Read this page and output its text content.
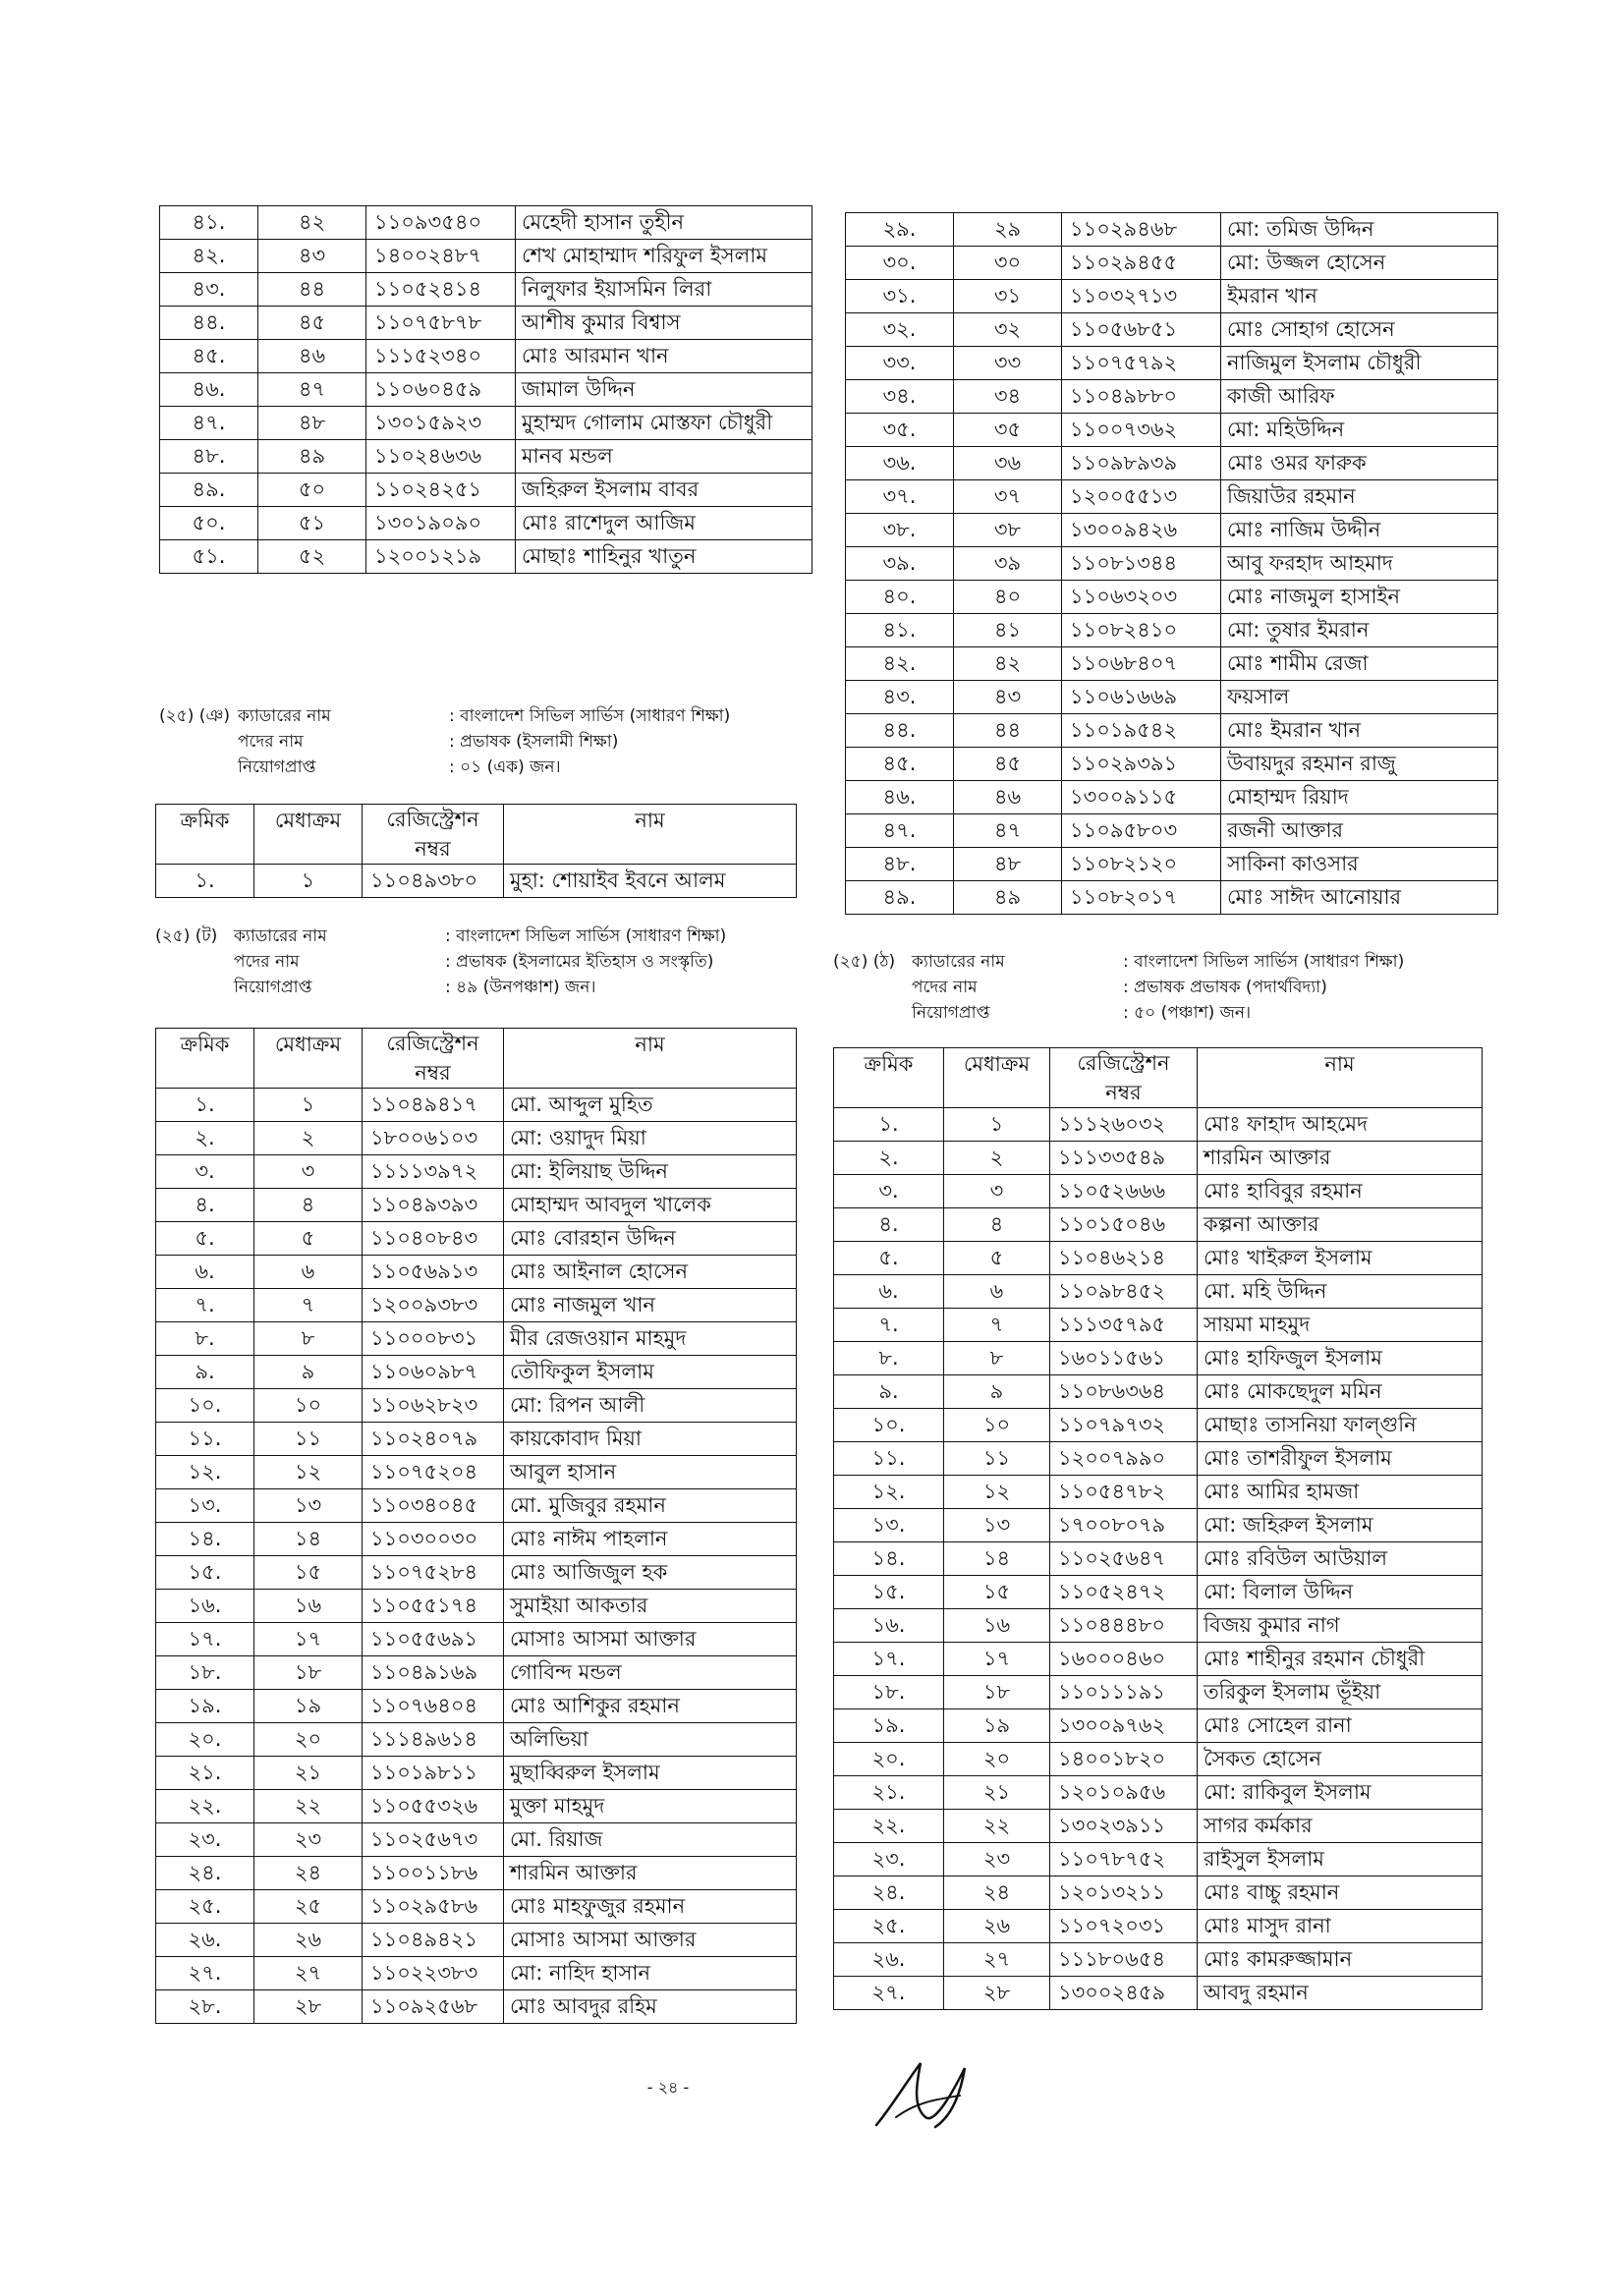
৪১.	৪২	১১০৯৩৫৪০	মেহেদী হাসান তুহীন
৪২.	৪৩	১৪০০২৪৮৭	শেখ মোহাম্মাদ শরিফুল ইসলাম
৪৩.	৪৪	১১০৫২৪১৪	নিলুফার ইয়াসমিন লিরা
৪৪.	৪৫	১১০৭৫৮৭৮	আশীষ কুমার বিশ্বাস
৪৫.	৪৬	১১১৫২৩৪০	মোঃ আরমান খান
৪৬.	৪৭	১১০৬০৪৫৯	জামাল উদ্দিন
৪৭.	৪৮	১৩০১৫৯২৩	মুহাম্মদ গোলাম মোস্তফা চৌধুরী
৪৮.	৪৯	১১০২৪৬৩৬	মানব মন্ডল
৪৯.	৫০	১১০২৪২৫১	জহিরুল ইসলাম বাবর
৫০.	৫১	১৩০১৯০৯০	মোঃ রাশেদুল আজিম
৫১.	৫২	১২০০১২১৯	মোছাঃ শাহিনুর খাতুন
(২৫) (ঞ) ক্যাডারের নাম	: বাংলাদেশ সিভিল সার্ভিস (সাধারণ শিক্ষা)
পদের নাম	: প্রভাষক (ইসলামী শিক্ষা)
নিয়োগপ্রাপ্ত	: ০১ (এক) জন।
ক্রমিক	মেধাক্রম	রেজিস্ট্রেশন নম্বর	নাম
১.	১	১১০৪৯৩৮০	মুহা: শোয়াইব ইবনে আলম
(২৫) (ট) ক্যাডারের নাম	: বাংলাদেশ সিভিল সার্ভিস (সাধারণ শিক্ষা)
পদের নাম	: প্রভাষক (ইসলামের ইতিহাস ও সংস্কৃতি)
নিয়োগপ্রাপ্ত	: ৪৯ (উনপঞ্চাশ) জন।
ক্রমিক	মেধাক্রম	রেজিস্ট্রেশন নম্বর	নাম
১.	১	১১০৪৯৪১৭	মো. আব্দুল মুহিত
২.	২	১৮০০৬১০৩	মো: ওয়াদুদ মিয়া
৩.	৩	১১১১৩৯৭২	মো: ইলিয়াছ উদ্দিন
৪.	৪	১১০৪৯৩৯৩	মোহাম্মদ আবদুল খালেক
৫.	৫	১১০৪০৮৪৩	মোঃ বোরহান উদ্দিন
৬.	৬	১১০৫৬৯১৩	মোঃ আইনাল হোসেন
৭.	৭	১২০০৯৩৮৩	মোঃ নাজমুল খান
৮.	৮	১১০০০৮৩১	মীর রেজওয়ান মাহমুদ
৯.	৯	১১০৬০৯৮৭	তৌফিকুল ইসলাম
১০.	১০	১১০৬২৮২৩	মো: রিপন আলী
১১.	১১	১১০২৪০৭৯	কায়কোবাদ মিয়া
১২.	১২	১১০৭৫২০৪	আবুল হাসান
১৩.	১৩	১১০৩৪০৪৫	মো. মুজিবুর রহমান
১৪.	১৪	১১০৩০০৩০	মোঃ নাঈম পাহলান
১৫.	১৫	১১০৭৫২৮৪	মোঃ আজিজুল হক
১৬.	১৬	১১০৫৫১৭৪	সুমাইয়া আকতার
১৭.	১৭	১১০৫৫৬৯১	মোসাঃ আসমা আক্তার
১৮.	১৮	১১০৪৯১৬৯	গোবিন্দ মন্ডল
১৯.	১৯	১১০৭৬৪০৪	মোঃ আশিকুর রহমান
২০.	২০	১১১৪৯৬১৪	অলিভিয়া
২১.	২১	১১০১৯৮১১	মুছাব্বিরুল ইসলাম
২২.	২২	১১০৫৫৩২৬	মুক্তা মাহমুদ
২৩.	২৩	১১০২৫৬৭৩	মো. রিয়াজ
২৪.	২৪	১১০০১১৮৬	শারমিন আক্তার
২৫.	২৫	১১০২৯৫৮৬	মোঃ মাহফুজুর রহমান
২৬.	২৬	১১০৪৯৪২১	মোসাঃ আসমা আক্তার
২৭.	২৭	১১০২২৩৮৩	মো: নাহিদ হাসান
২৮.	২৮	১১০৯২৫৬৮	মোঃ আবদুর রহিম
২৯.	২৯	১১০২৯৪৬৮	মো: তমিজ উদ্দিন
৩০.	৩০	১১০২৯৪৫৫	মো: উজ্জল হোসেন
৩১.	৩১	১১০৩২৭১৩	ইমরান খান
৩২.	৩২	১১০৫৬৮৫১	মোঃ সোহাগ হোসেন
৩৩.	৩৩	১১০৭৫৭৯২	নাজিমুল ইসলাম চৌধুরী
৩৪.	৩৪	১১০৪৯৮৮০	কাজী আরিফ
৩৫.	৩৫	১১০০৭৩৬২	মো: মহিউদ্দিন
৩৬.	৩৬	১১০৯৮৯৩৯	মোঃ ওমর ফারুক
৩৭.	৩৭	১২০০৫৫১৩	জিয়াউর রহমান
৩৮.	৩৮	১৩০০৯৪২৬	মোঃ নাজিম উদ্দীন
৩৯.	৩৯	১১০৮১৩৪৪	আবু ফরহাদ আহমাদ
৪০.	৪০	১১০৬৩২০৩	মোঃ নাজমুল হাসাইন
৪১.	৪১	১১০৮২৪১০	মো: তুষার ইমরান
৪২.	৪২	১১০৬৮৪০৭	মোঃ শামীম রেজা
৪৩.	৪৩	১১০৬১৬৬৯	ফয়সাল
৪৪.	৪৪	১১০১৯৫৪২	মোঃ ইমরান খান
৪৫.	৪৫	১১০২৯৩৯১	উবায়দুর রহমান রাজু
৪৬.	৪৬	১৩০০৯১১৫	মোহাম্মদ রিয়াদ
৪৭.	৪৭	১১০৯৫৮০৩	রজনী আক্তার
৪৮.	৪৮	১১০৮২১২০	সাকিনা কাওসার
৪৯.	৪৯	১১০৮২০১৭	মোঃ সাঈদ আনোয়ার
(২৫) (ঠ) ক্যাডারের নাম	: বাংলাদেশ সিভিল সার্ভিস (সাধারণ শিক্ষা)
পদের নাম	: প্রভাষক প্রভাষক (পদার্থবিদ্যা)
নিয়োগপ্রাপ্ত	: ৫০ (পঞ্চাশ) জন।
ক্রমিক	মেধাক্রম	রেজিস্ট্রেশন নম্বর	নাম
১.	১	১১১২৬০৩২	মোঃ ফাহাদ আহমেদ
২.	২	১১১৩৩৫৪৯	শারমিন আক্তার
৩.	৩	১১০৫২৬৬৬	মোঃ হাবিবুর রহমান
৪.	৪	১১০১৫০৪৬	কল্পনা আক্তার
৫.	৫	১১০৪৬২১৪	মোঃ খাইরুল ইসলাম
৬.	৬	১১০৯৮৪৫২	মো. মহি উদ্দিন
৭.	৭	১১১৩৫৭৯৫	সায়মা মাহমুদ
৮.	৮	১৬০১১৫৬১	মোঃ হাফিজুল ইসলাম
৯.	৯	১১০৮৬৩৬৪	মোঃ মোকছেদুল মমিন
১০.	১০	১১০৭৯৭৩২	মোছাঃ তাসনিয়া ফাল্গুনি
১১.	১১	১২০০৭৯৯০	মোঃ তাশরীফুল ইসলাম
১২.	১২	১১০৫৪৭৮২	মোঃ আমির হামজা
১৩.	১৩	১৭০০৮০৭৯	মো: জহিরুল ইসলাম
১৪.	১৪	১১০২৫৬৪৭	মোঃ রবিউল আউয়াল
১৫.	১৫	১১০৫২৪৭২	মো: বিলাল উদ্দিন
১৬.	১৬	১১০৪৪৪৮০	বিজয় কুমার নাগ
১৭.	১৭	১৬০০০৪৬০	মোঃ শাহীনুর রহমান চৌধুরী
১৮.	১৮	১১০১১১৯১	তরিকুল ইসলাম ভূঁইয়া
১৯.	১৯	১৩০০৯৭৬২	মোঃ সোহেল রানা
২০.	২০	১৪০০১৮২০	সৈকত হোসেন
২১.	২১	১২০১০৯৫৬	মো: রাকিবুল ইসলাম
২২.	২২	১৩০২৩৯১১	সাগর কর্মকার
২৩.	২৩	১১০৭৮৭৫২	রাইসুল ইসলাম
২৪.	২৪	১২০১৩২১১	মোঃ বাচ্চু রহমান
২৫.	২৬	১১০৭২০৩১	মোঃ মাসুদ রানা
২৬.	২৭	১১১৮০৬৫৪	মোঃ কামরুজ্জামান
২৭.	২৮	১৩০০২৪৫৯	আবদু রহমান
- ২৪ -
